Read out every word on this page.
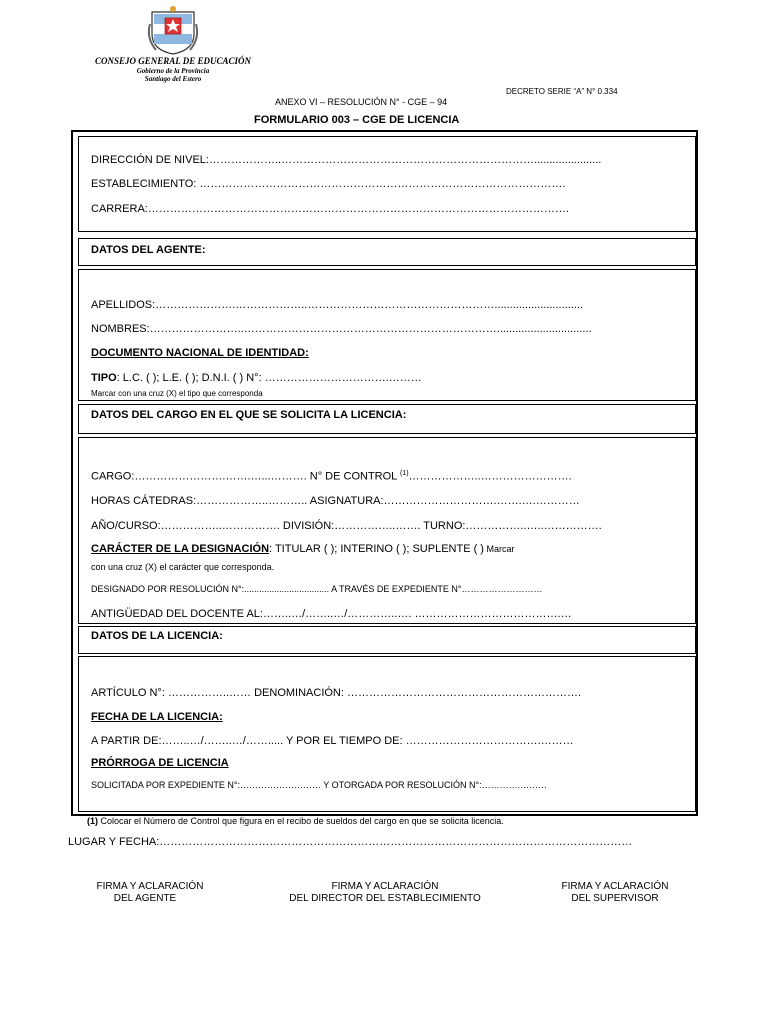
CONSEJO GENERAL DE EDUCACIÓN
Gobierno de la Provincia
Santiago del Estero
DECRETO SERIE “A” N° 0.334
ANEXO VI – RESOLUCIÓN N° - CGE – 94
FORMULARIO 003 – CGE DE LICENCIA
DIRECCIÓN DE NIVEL:………………..……………………………………………………………......................
ESTABLECIMIENTO: ……………………………………………………………………………………….
CARRERA:…………………………………………………………………………………………………….
DATOS DEL AGENTE:
APELLIDOS:………………….………………..…………………………………………….............................
NOMBRES:……………………..……………………………………………………………...............................
DOCUMENTO NACIONAL DE IDENTIDAD:
TIPO: L.C. ( ); L.E. ( ); D.N.I. ( ) N°: …………………………….………
Marcar con una cruz (X) el tipo que corresponda
DATOS DEL CARGO EN EL QUE SE SOLICITA LA LICENCIA:
CARGO:…………………….…….…...………. N° DE CONTROL $^{(1)}$………………..…………………….
HORAS CÁTEDRAS:………………..……….. ASIGNATURA:………………………….…….….…………
AÑO/CURSO:……………..……………. DIVISIÓN:……………..……. TURNO:……………..…..…………….
CARÁCTER DE LA DESIGNACIÓN: TITULAR ( ); INTERINO ( ); SUPLENTE ( ) Marcar
con una cruz (X) el carácter que corresponda.
DESIGNADO POR RESOLUCIÓN N°:.................................. A TRAVÉS DE EXPEDIENTE N°………………………
ANTIGÜEDAD DEL DOCENTE AL:……..…/……..…/…………..…. ………………………………….…
DATOS DE LA LICENCIA:
ARTÍCULO N°: ……………..…… DENOMINACIÓN: ……………………………………………………….
FECHA DE LA LICENCIA:
A PARTIR DE:……..…/……..…/……..... Y POR EL TIEMPO DE: ……………………………….………
PRÓRROGA DE LICENCIA
SOLICITADA POR EXPEDIENTE N°:……………………… Y OTORGADA POR RESOLUCIÓN N°:………….………
(1) Colocar el Número de Control que figura en el recibo de sueldos del cargo en que se solicita licencia.
LUGAR Y FECHA:…………………………………………………………………………………………………………………
FIRMA Y ACLARACIÓN
DEL AGENTE
FIRMA Y ACLARACIÓN
DEL DIRECTOR DEL ESTABLECIMIENTO
FIRMA Y ACLARACIÓN
DEL SUPERVISOR
